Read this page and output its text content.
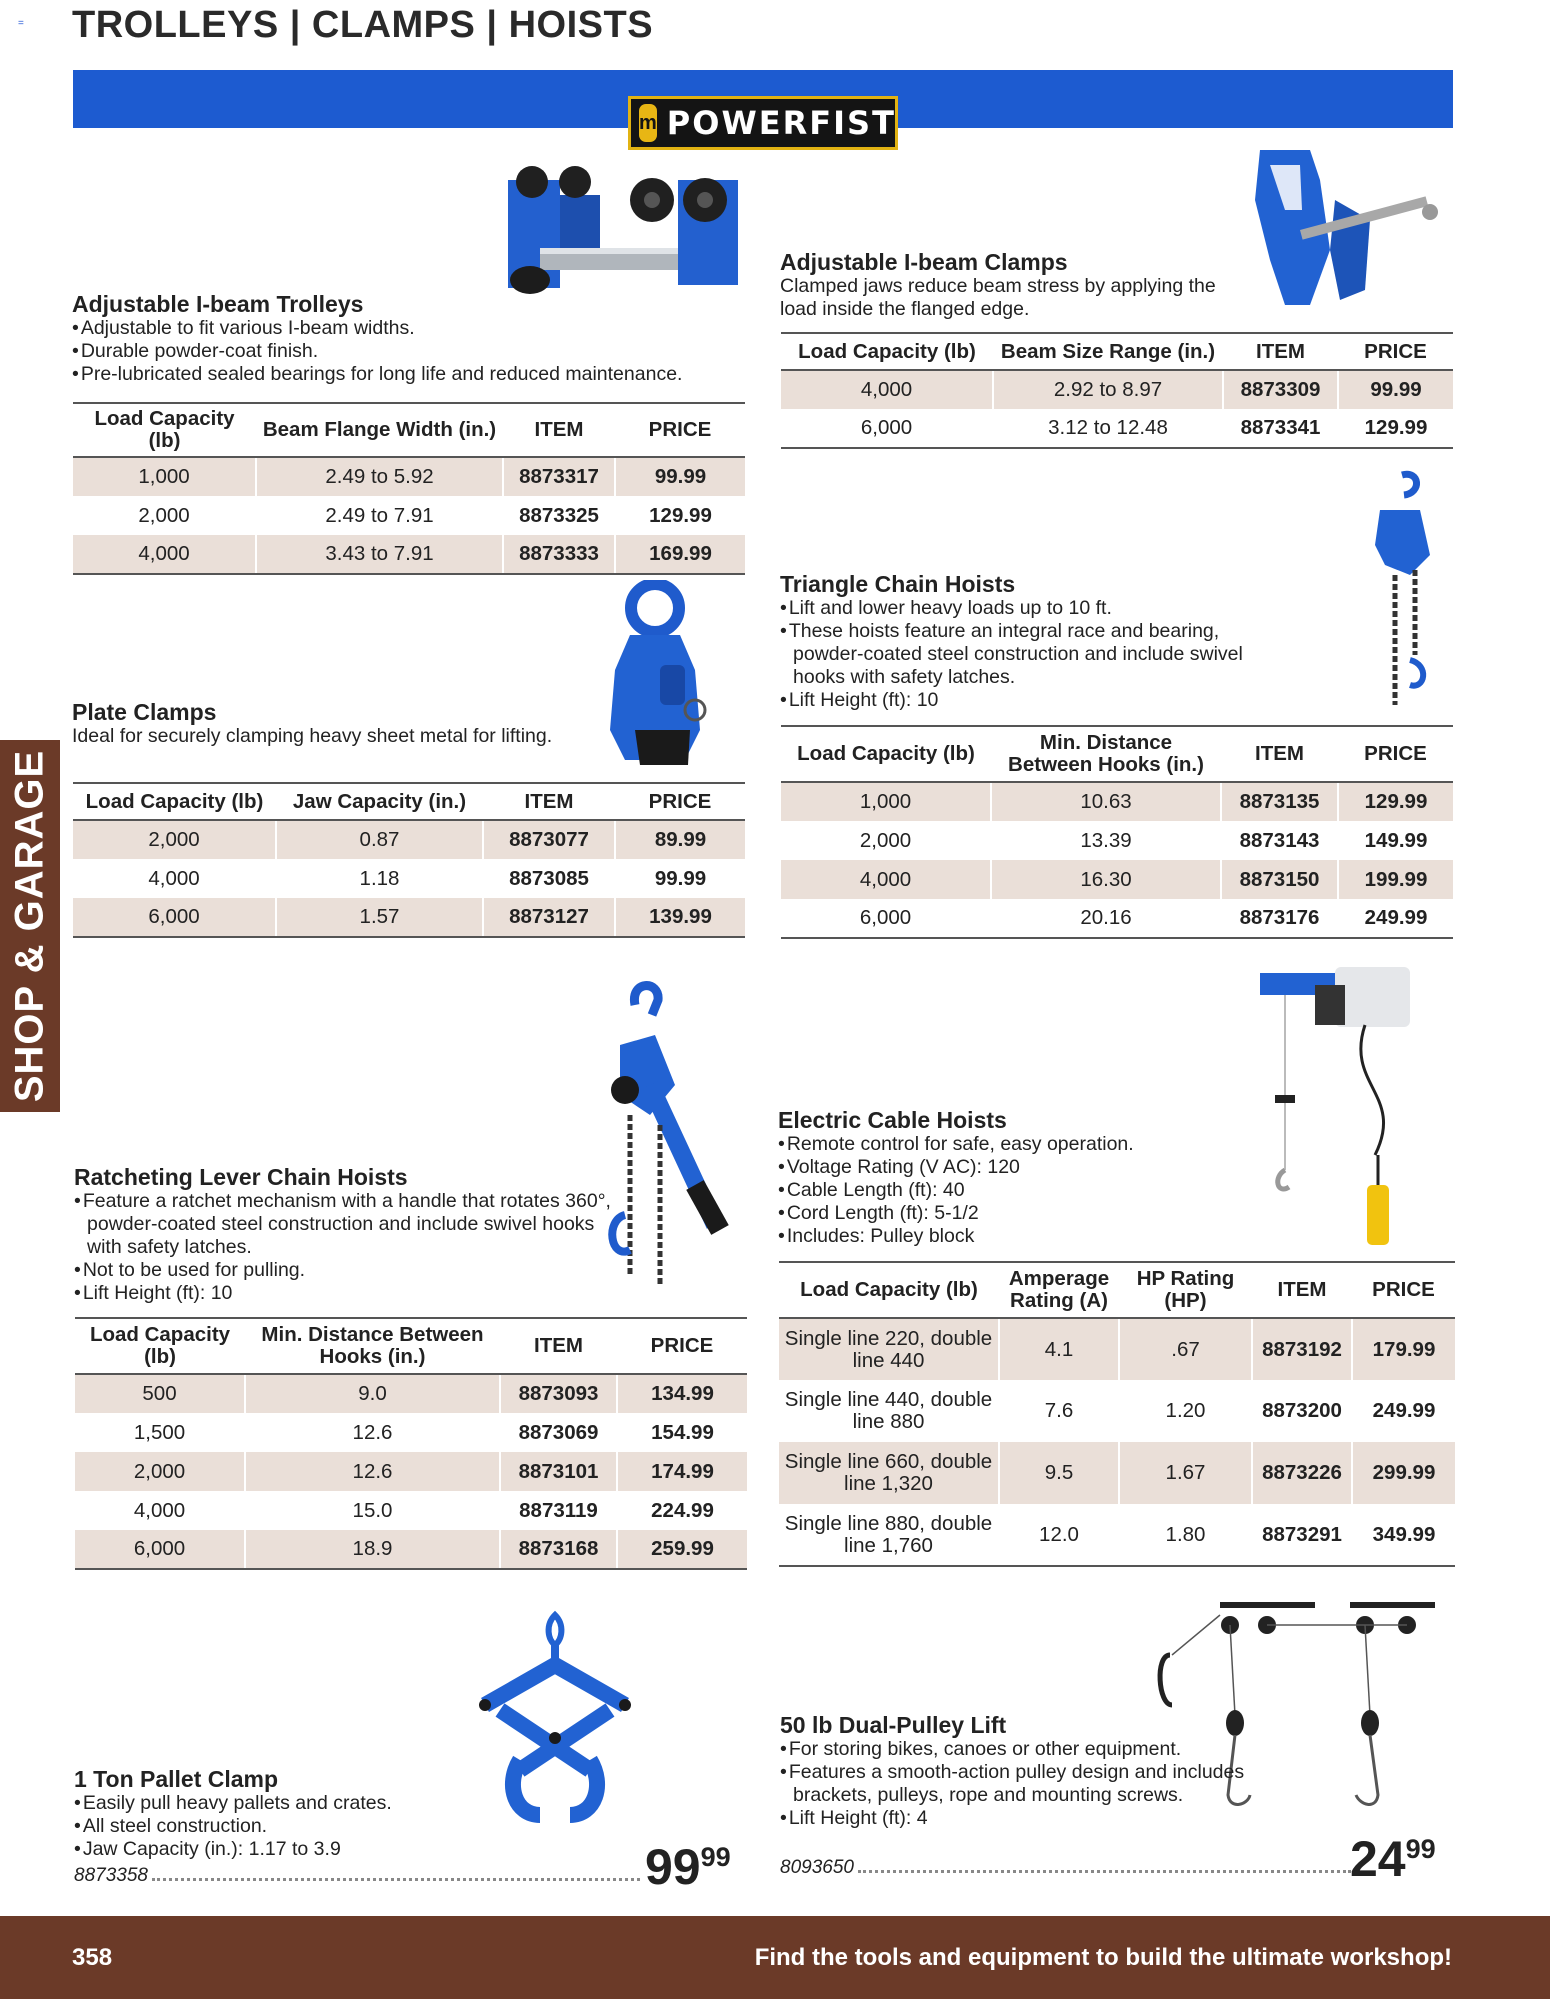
TROLLEYS | CLAMPS | HOISTS
=
m POWERFIST
SHOP & GARAGE
Adjustable I-beam Trolleys
• Adjustable to fit various I-beam widths.
• Durable powder-coat finish.
• Pre-lubricated sealed bearings for long life and reduced maintenance.
Load Capacity (lb)	Beam Flange Width (in.)	ITEM	PRICE
1,000	2.49 to 5.92	8873317	99.99
2,000	2.49 to 7.91	8873325	129.99
4,000	3.43 to 7.91	8873333	169.99
Adjustable I-beam Clamps

Clamped jaws reduce beam stress by applying the load inside the flanged edge.

Load Capacity (lb)	Beam Size Range (in.)	ITEM	PRICE
4,000	2.92 to 8.97	8873309	99.99
6,000	3.12 to 12.48	8873341	129.99
Plate Clamps

Ideal for securely clamping heavy sheet metal for lifting.

Load Capacity (lb)	Jaw Capacity (in.)	ITEM	PRICE
2,000	0.87	8873077	89.99
4,000	1.18	8873085	99.99
6,000	1.57	8873127	139.99
Triangle Chain Hoists
• Lift and lower heavy loads up to 10 ft.
• These hoists feature an integral race and bearing, powder-coated steel construction and include swivel hooks with safety latches.
• Lift Height (ft): 10
Load Capacity (lb)	Min. Distance Between Hooks (in.)	ITEM	PRICE
1,000	10.63	8873135	129.99
2,000	13.39	8873143	149.99
4,000	16.30	8873150	199.99
6,000	20.16	8873176	249.99
Ratcheting Lever Chain Hoists
• Feature a ratchet mechanism with a handle that rotates 360°, powder-coated steel construction and include swivel hooks with safety latches.
• Not to be used for pulling.
• Lift Height (ft): 10
Load Capacity (lb)	Min. Distance Between Hooks (in.)	ITEM	PRICE
500	9.0	8873093	134.99
1,500	12.6	8873069	154.99
2,000	12.6	8873101	174.99
4,000	15.0	8873119	224.99
6,000	18.9	8873168	259.99
Electric Cable Hoists
• Remote control for safe, easy operation.
• Voltage Rating (V AC): 120
• Cable Length (ft): 40
• Cord Length (ft): 5-1/2
• Includes: Pulley block
Load Capacity (lb)	Amperage Rating (A)	HP Rating (HP)	ITEM	PRICE
Single line 220, double line 440	4.1	.67	8873192	179.99
Single line 440, double line 880	7.6	1.20	8873200	249.99
Single line 660, double line 1,320	9.5	1.67	8873226	299.99
Single line 880, double line 1,760	12.0	1.80	8873291	349.99
1 Ton Pallet Clamp
• Easily pull heavy pallets and crates.
• All steel construction.
• Jaw Capacity (in.): 1.17 to 3.9
8873358	$99^{99}$
50 lb Dual-Pulley Lift
• For storing bikes, canoes or other equipment.
• Features a smooth-action pulley design and includes brackets, pulleys, rope and mounting screws.
• Lift Height (ft): 4
8093650	$24^{99}$
358	Find the tools and equipment to build the ultimate workshop!
